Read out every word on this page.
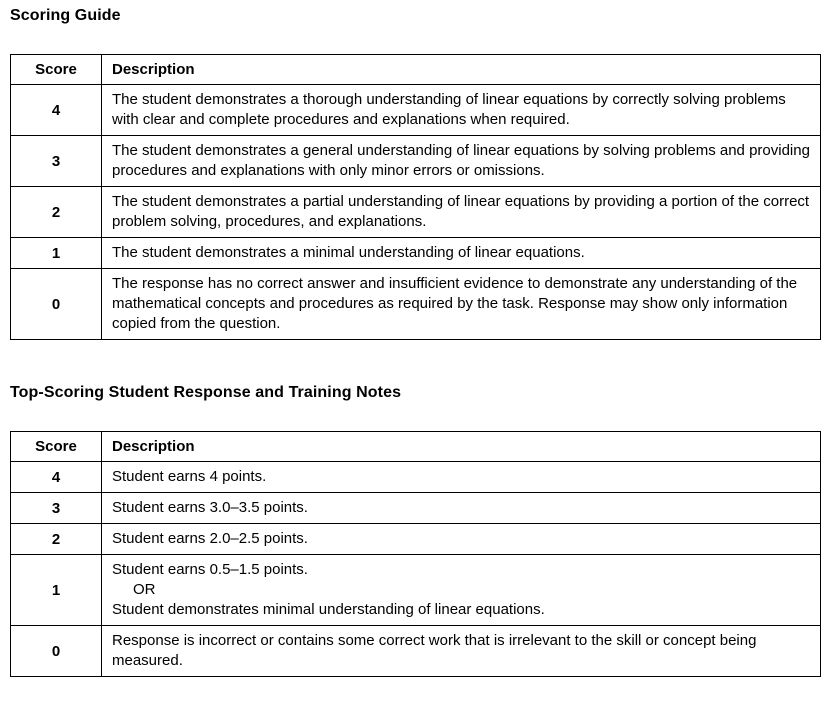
Scoring Guide
Score	Description
4	The student demonstrates a thorough understanding of linear equations by correctly solving problems with clear and complete procedures and explanations when required.

3	The student demonstrates a general understanding of linear equations by solving problems and providing procedures and explanations with only minor errors or omissions.

2	The student demonstrates a partial understanding of linear equations by providing a portion of the correct problem solving, procedures, and explanations.

1	The student demonstrates a minimal understanding of linear equations.

0	The response has no correct answer and insufficient evidence to demonstrate any understanding of the mathematical concepts and procedures as required by the task. Response may show only information copied from the question.
Top-Scoring Student Response and Training Notes
Score	Description
4	Student earns 4 points.

3	Student earns 3.0–3.5 points.

2	Student earns 2.0–2.5 points.

1	Student earns 0.5–1.5 points.
OR
Student demonstrates minimal understanding of linear equations.

0	Response is incorrect or contains some correct work that is irrelevant to the skill or concept being measured.
